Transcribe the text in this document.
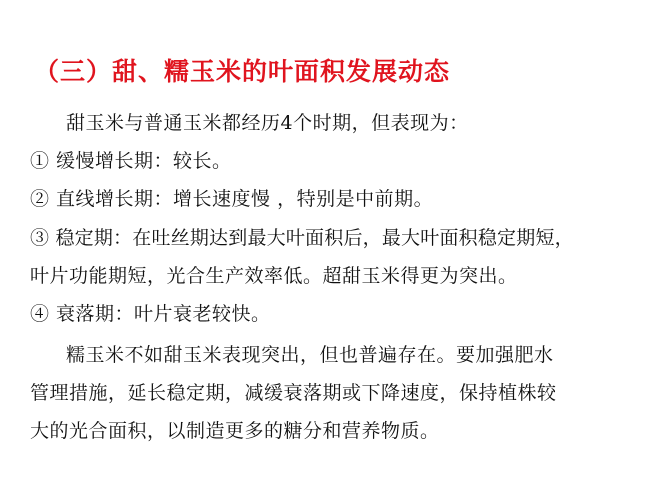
（三）甜、糯玉米的叶面积发展动态
甜玉米与普通玉米都经历4个时期，但表现为：
① 缓慢增长期：较长。
② 直线增长期：增长速度慢 ，特别是中前期。
③ 稳定期：在吐丝期达到最大叶面积后，最大叶面积稳定期短，
叶片功能期短，光合生产效率低。超甜玉米得更为突出。
④ 衰落期：叶片衰老较快。
糯玉米不如甜玉米表现突出，但也普遍存在。要加强肥水
管理措施，延长稳定期，减缓衰落期或下降速度，保持植株较
大的光合面积，以制造更多的糖分和营养物质。
